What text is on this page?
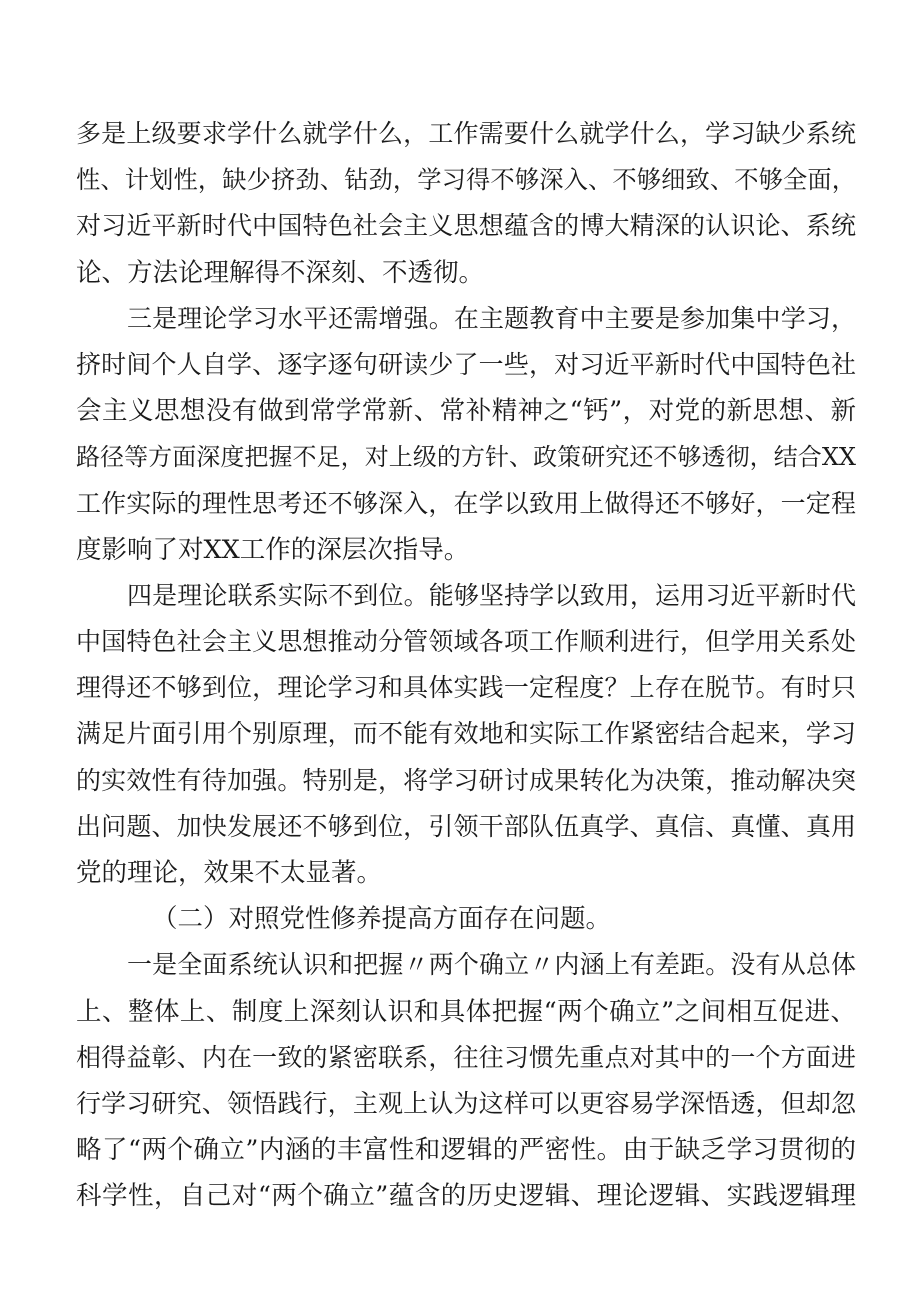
多是上级要求学什么就学什么，工作需要什么就学什么，学习缺少系统
性、计划性，缺少挤劲、钻劲，学习得不够深入、不够细致、不够全面，
对习近平新时代中国特色社会主义思想蕴含的博大精深的认识论、系统
论、方法论理解得不深刻、不透彻。
三是理论学习水平还需增强。在主题教育中主要是参加集中学习，
挤时间个人自学、逐字逐句研读少了一些，对习近平新时代中国特色社
会主义思想没有做到常学常新、常补精神之“钙”，对党的新思想、新
路径等方面深度把握不足，对上级的方针、政策研究还不够透彻，结合XX
工作实际的理性思考还不够深入，在学以致用上做得还不够好，一定程
度影响了对XX工作的深层次指导。
四是理论联系实际不到位。能够坚持学以致用，运用习近平新时代
中国特色社会主义思想推动分管领域各项工作顺利进行，但学用关系处
理得还不够到位，理论学习和具体实践一定程度？上存在脱节。有时只
满足片面引用个别原理，而不能有效地和实际工作紧密结合起来，学习
的实效性有待加强。特别是，将学习研讨成果转化为决策，推动解决突
出问题、加快发展还不够到位，引领干部队伍真学、真信、真懂、真用
党的理论，效果不太显著。
（二）对照党性修养提高方面存在问题。
一是全面系统认识和把握〃两个确立〃内涵上有差距。没有从总体
上、整体上、制度上深刻认识和具体把握“两个确立”之间相互促进、
相得益彰、内在一致的紧密联系，往往习惯先重点对其中的一个方面进
行学习研究、领悟践行，主观上认为这样可以更容易学深悟透，但却忽
略了“两个确立”内涵的丰富性和逻辑的严密性。由于缺乏学习贯彻的
科学性，自己对“两个确立”蕴含的历史逻辑、理论逻辑、实践逻辑理
